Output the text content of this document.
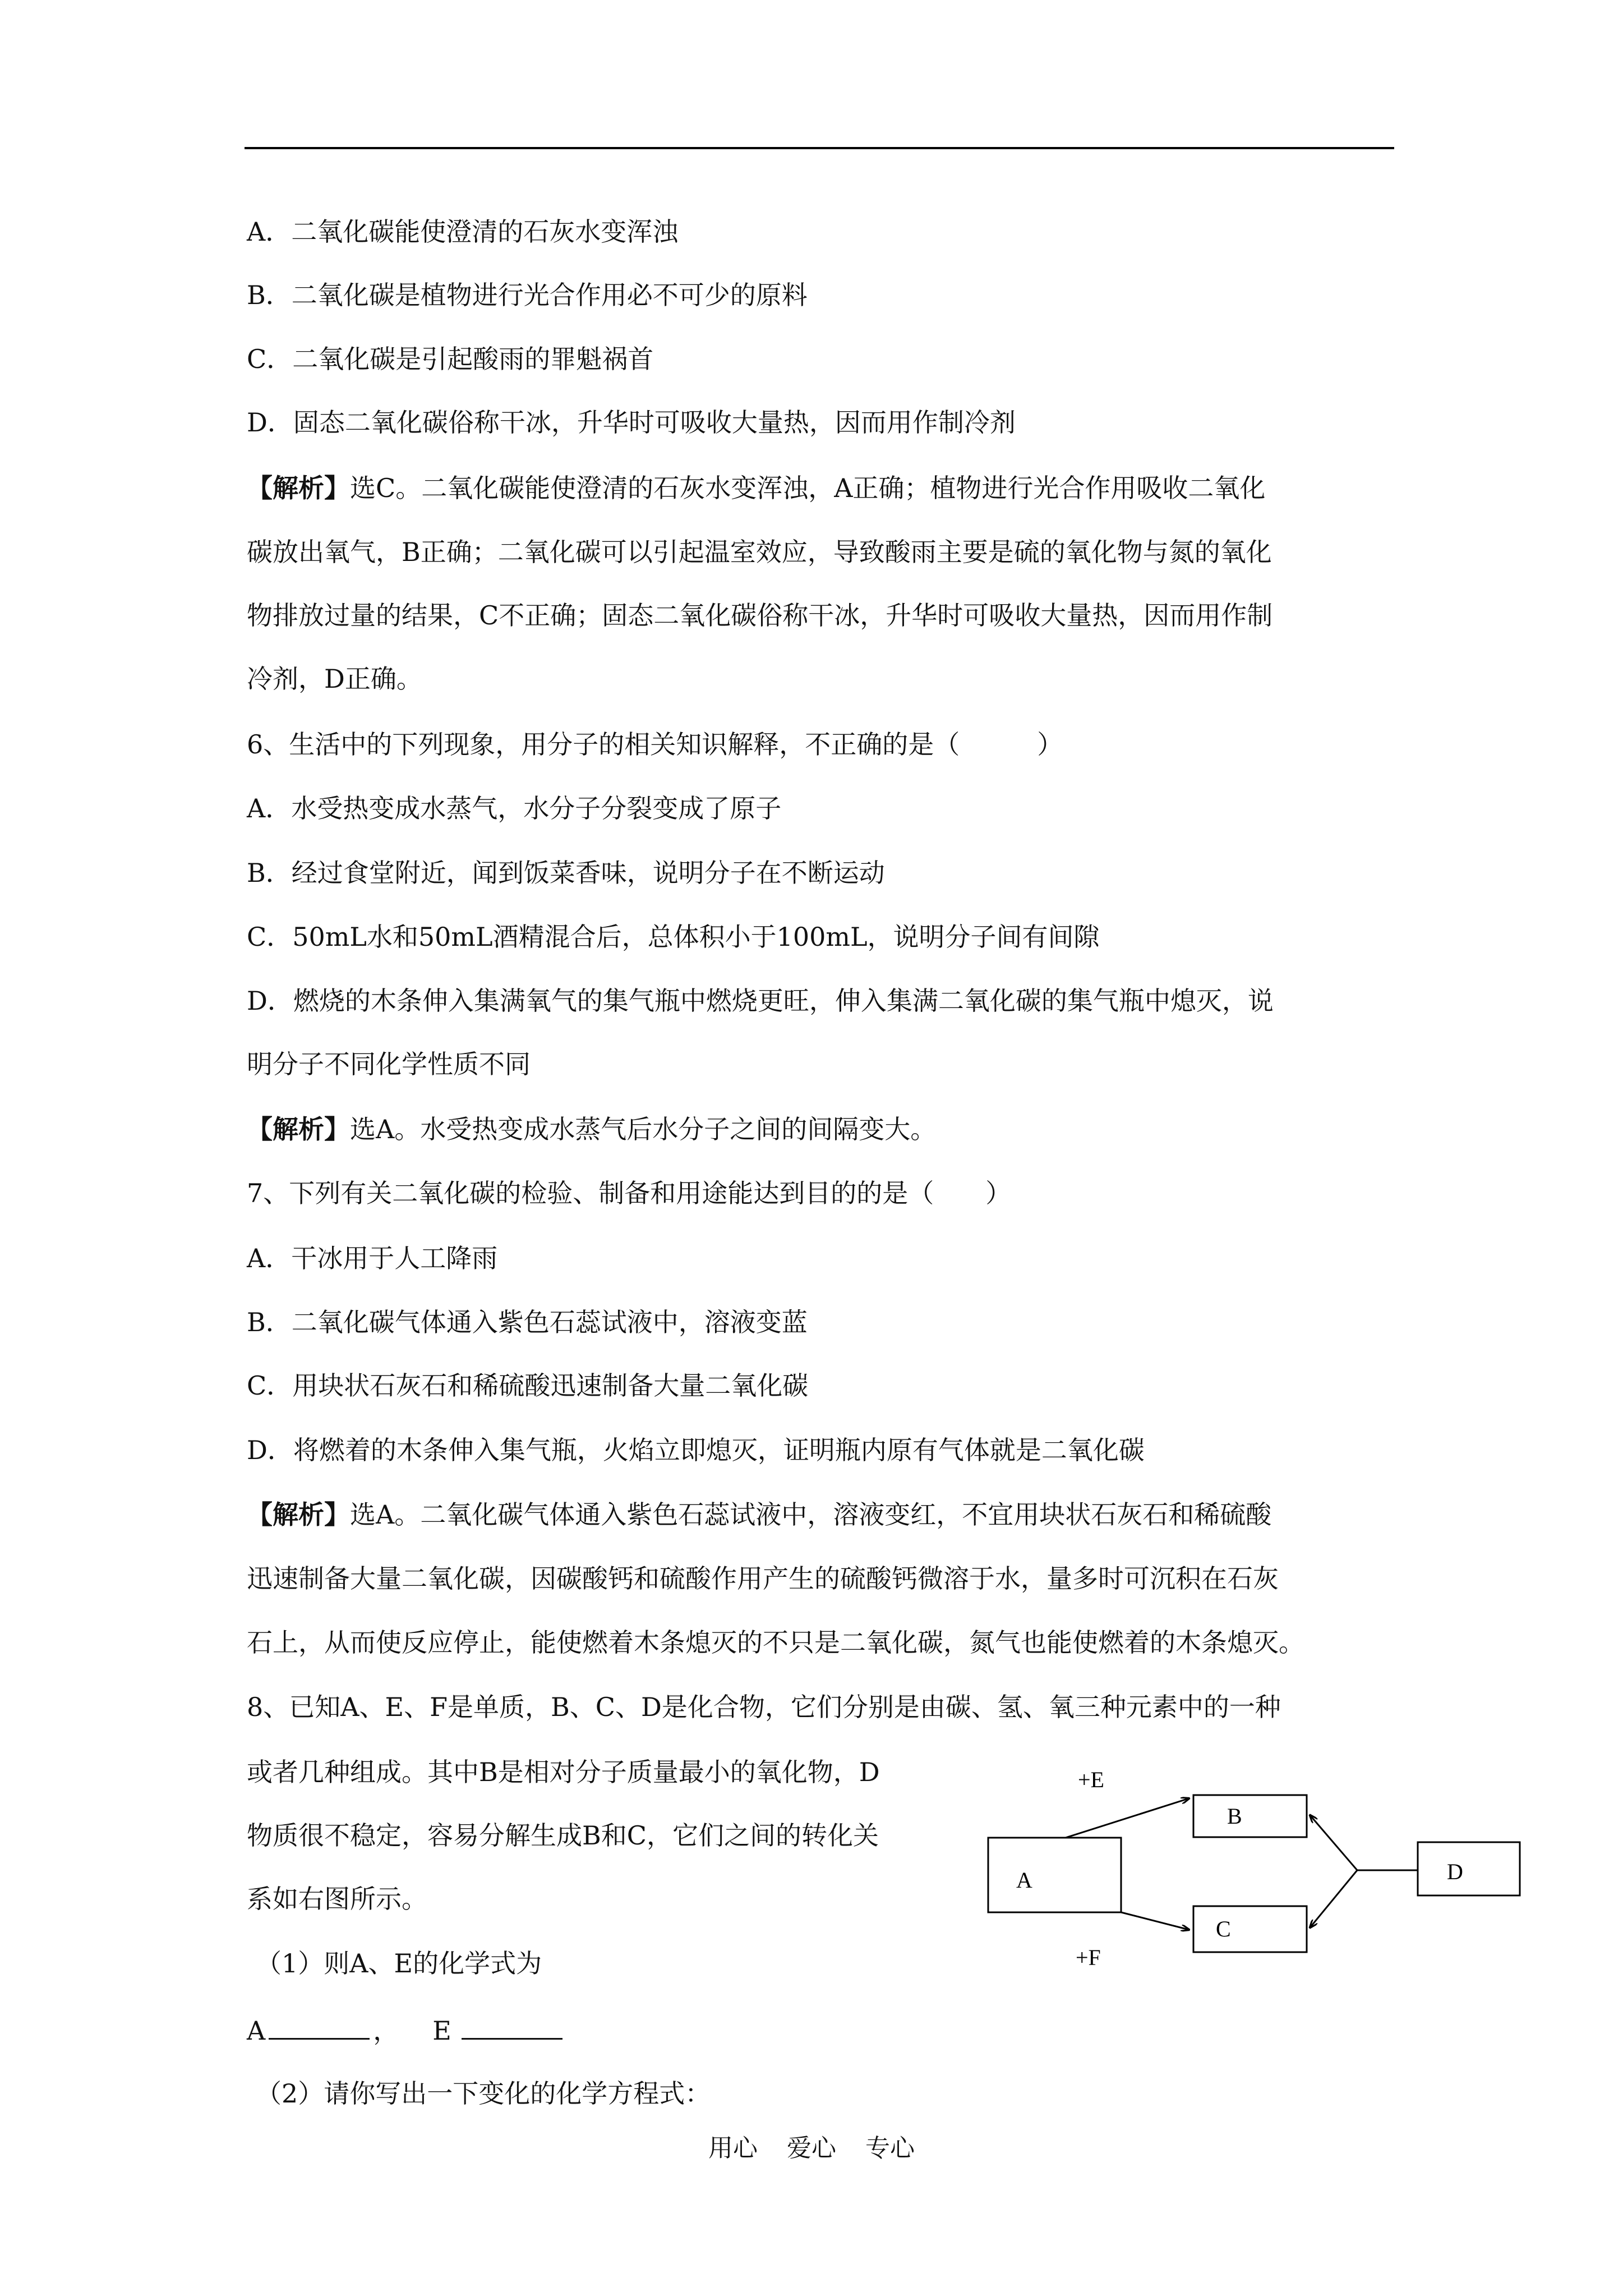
A．二氧化碳能使澄清的石灰水变浑浊
B．二氧化碳是植物进行光合作用必不可少的原料
C．二氧化碳是引起酸雨的罪魁祸首
D．固态二氧化碳俗称干冰，升华时可吸收大量热，因而用作制冷剂
【解析】选C。二氧化碳能使澄清的石灰水变浑浊，A正确；植物进行光合作用吸收二氧化
碳放出氧气，B正确；二氧化碳可以引起温室效应，导致酸雨主要是硫的氧化物与氮的氧化
物排放过量的结果，C不正确；固态二氧化碳俗称干冰，升华时可吸收大量热，因而用作制
冷剂，D正确。
6、生活中的下列现象，用分子的相关知识解释，不正确的是（　　　）
A．水受热变成水蒸气，水分子分裂变成了原子
B．经过食堂附近，闻到饭菜香味，说明分子在不断运动
C．50mL水和50mL酒精混合后，总体积小于100mL，说明分子间有间隙
D．燃烧的木条伸入集满氧气的集气瓶中燃烧更旺，伸入集满二氧化碳的集气瓶中熄灭，说
明分子不同化学性质不同
【解析】选A。水受热变成水蒸气后水分子之间的间隔变大。
7、下列有关二氧化碳的检验、制备和用途能达到目的的是（　　）
A．干冰用于人工降雨
B．二氧化碳气体通入紫色石蕊试液中，溶液变蓝
C．用块状石灰石和稀硫酸迅速制备大量二氧化碳
D．将燃着的木条伸入集气瓶，火焰立即熄灭，证明瓶内原有气体就是二氧化碳
【解析】选A。二氧化碳气体通入紫色石蕊试液中，溶液变红，不宜用块状石灰石和稀硫酸
迅速制备大量二氧化碳，因碳酸钙和硫酸作用产生的硫酸钙微溶于水，量多时可沉积在石灰
石上，从而使反应停止，能使燃着木条熄灭的不只是二氧化碳，氮气也能使燃着的木条熄灭。
8、已知A、E、F是单质，B、C、D是化合物，它们分别是由碳、氢、氧三种元素中的一种
或者几种组成。其中B是相对分子质量最小的氧化物，D
物质很不稳定，容易分解生成B和C，它们之间的转化关
系如右图所示。
（1）则A、E的化学式为
A	， E
（2）请你写出一下变化的化学方程式：
A
B
C
D
+E
+F
用心 爱心 专心
